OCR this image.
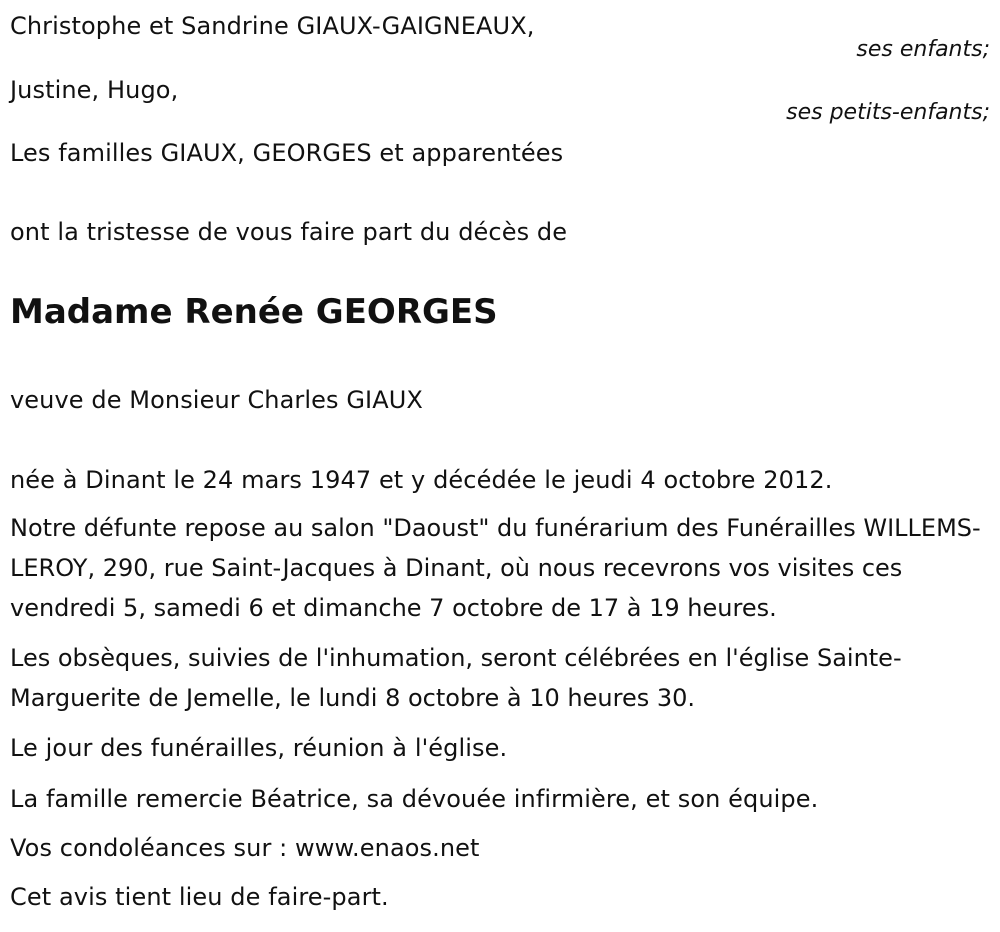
Christophe et Sandrine GIAUX-GAIGNEAUX,
ses enfants;
Justine, Hugo,
ses petits-enfants;
Les familles GIAUX, GEORGES et apparentées
ont la tristesse de vous faire part du décès de
Madame Renée GEORGES
veuve de Monsieur Charles GIAUX
née à Dinant le 24 mars 1947 et y décédée le jeudi 4 octobre 2012.
Notre défunte repose au salon "Daoust" du funérarium des Funérailles WILLEMS-LEROY, 290, rue Saint-Jacques à Dinant, où nous recevrons vos visites ces vendredi 5, samedi 6 et dimanche 7 octobre de 17 à 19 heures.
Les obsèques, suivies de l'inhumation, seront célébrées en l'église Sainte-Marguerite de Jemelle, le lundi 8 octobre à 10 heures 30.
Le jour des funérailles, réunion à l'église.
La famille remercie Béatrice, sa dévouée infirmière, et son équipe.
Vos condoléances sur : www.enaos.net
Cet avis tient lieu de faire-part.
